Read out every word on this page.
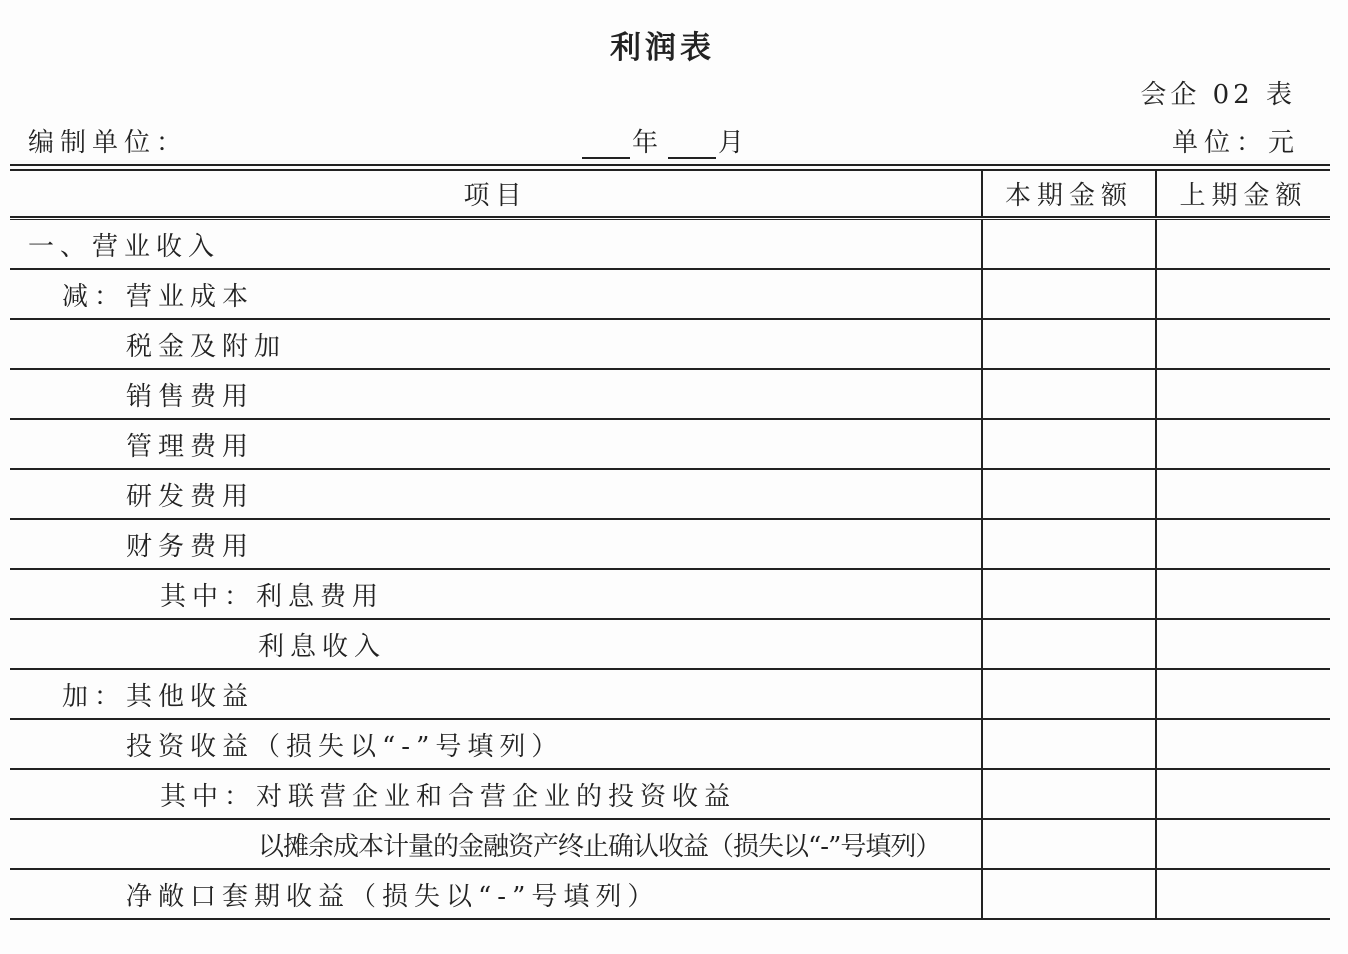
利润表
会企 02 表
编制单位：	年 月	单位：元
项目	本期金额	上期金额
一、营业收入		
减：营业成本		
税金及附加		
销售费用		
管理费用		
研发费用		
财务费用		
其中：利息费用		
利息收入		
加：其他收益		
投资收益（损失以“-”号填列）		
其中：对联营企业和合营企业的投资收益		
以摊余成本计量的金融资产终止确认收益（损失以“-”号填列）		
净敞口套期收益（损失以“-”号填列）		
